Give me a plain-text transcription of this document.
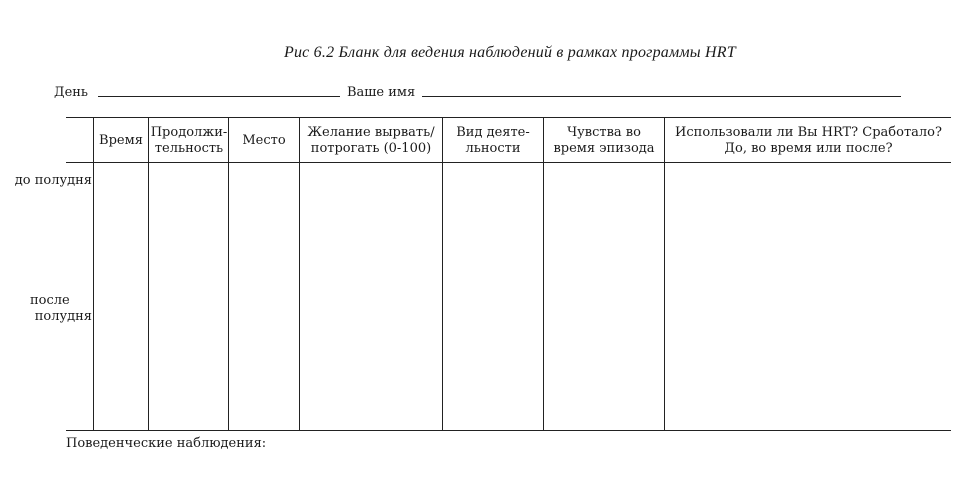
Рис 6.2 Бланк для ведения наблюдений в рамках программы HRT
День	Ваше имя
Время
Продолжи-
тельность
Место
Желание вырвать/
потрогать (0-100)
Вид деяте-
льности
Чувства во
время эпизода
Использовали ли Вы HRT? Сработало?
До, во время или после?
до полудня
после
полудня
Поведенческие наблюдения:
